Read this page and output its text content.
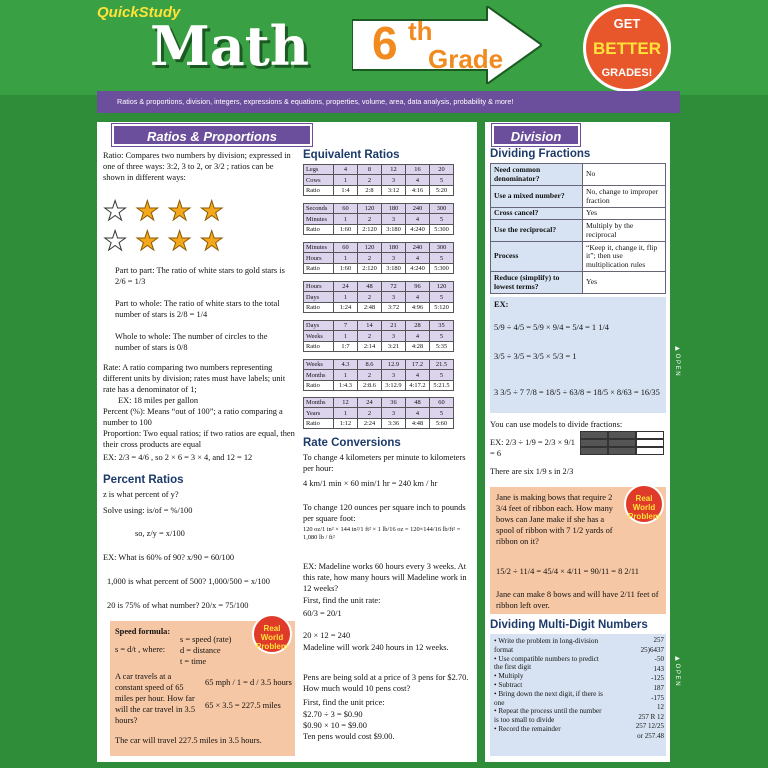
QuickStudy
Math 6 th
Grade
GET
BETTER
GRADES!
Ratios & proportions, division, integers, expressions & equations, properties, volume, area, data analysis, probability & more!
Ratios & Proportions
Ratio: Compares two numbers by division; expressed in one of three ways: 3:2, 3 to 2, or 3/2 ; ratios can be shown in different ways:
★ ★ ★ ★
★ ★ ★ ★
Part to part: The ratio of white stars to gold stars is 2/6 = 1/3
Part to whole: The ratio of white stars to the total number of stars is 2/8 = 1/4
Whole to whole: The number of circles to the number of stars is 0/8
Rate: A ratio comparing two numbers representing different units by division; rates must have labels; unit rate has a denominator of 1;
EX: 18 miles per gallon
Percent (%): Means “out of 100”; a ratio comparing a number to 100
Proportion: Two equal ratios; if two ratios are equal, then their cross products are equal
EX: 2/3 = 4/6 , so 2 × 6 = 3 × 4, and 12 = 12
Percent Ratios
z is what percent of y?
Solve using: is/of = %/100
so, z/y = x/100
EX: What is 60% of 90? x/90 = 60/100
1,000 is what percent of 500? 1,000/500 = x/100
20 is 75% of what number? 20/x = 75/100
Real World Problem
Speed formula:
s = d/t , where:
s = speed (rate)
d = distance
t = time
A car travels at a constant speed of 65 miles per hour. How far will the car travel in 3.5 hours?
65 mph / 1 = d / 3.5 hours
65 × 3.5 = 227.5 miles
The car will travel 227.5 miles in 3.5 hours.
Equivalent Ratios
Legs	4	8	12	16	20
Cows	1	2	3	4	5
Ratio	1:4	2:8	3:12	4:16	5:20
Seconds	60	120	180	240	300
Minutes	1	2	3	4	5
Ratio	1:60	2:120	3:180	4:240	5:300
Minutes	60	120	180	240	300
Hours	1	2	3	4	5
Ratio	1:60	2:120	3:180	4:240	5:300
Hours	24	48	72	96	120
Days	1	2	3	4	5
Ratio	1:24	2:48	3:72	4:96	5:120
Days	7	14	21	28	35
Weeks	1	2	3	4	5
Ratio	1:7	2:14	3:21	4:28	5:35
Weeks	4.3	8.6	12.9	17.2	21.5
Months	1	2	3	4	5
Ratio	1:4.3	2:8.6	3:12.9	4:17.2	5:21.5
Months	12	24	36	48	60
Years	1	2	3	4	5
Ratio	1:12	2:24	3:36	4:48	5:60
Rate Conversions
To change 4 kilometers per minute to kilometers per hour:
4 km/1 min × 60 min/1 hr = 240 km / hr
To change 120 ounces per square inch to pounds per square foot:
120 oz/1 in² × 144 in²/1 ft² × 1 lb/16 oz = 120×144/16 lb/ft² = 1,080 lb / ft²
EX: Madeline works 60 hours every 3 weeks. At this rate, how many hours will Madeline work in 12 weeks?
First, find the unit rate:
60/3 = 20/1
20 × 12 = 240
Madeline will work 240 hours in 12 weeks.
Pens are being sold at a price of 3 pens for $2.70. How much would 10 pens cost?
First, find the unit price:
$2.70 ÷ 3 = $0.90
$0.90 × 10 = $9.00
Ten pens would cost $9.00.
Division
Dividing Fractions
Need common denominator?	No
Use a mixed number?	No, change to improper fraction
Cross cancel?	Yes
Use the reciprocal?	Multiply by the reciprocal
Process	“Keep it, change it, flip it”; then use multiplication rules
Reduce (simplify) to lowest terms?	Yes
EX:
5/9 ÷ 4/5 = 5/9 × 9/4 = 5/4 = 1 1/4
3/5 ÷ 3/5 = 3/5 × 5/3 = 1
3 3/5 ÷ 7 7/8 = 18/5 ÷ 63/8 = 18/5 × 8/63 = 16/35
You can use models to divide fractions:
EX: 2/3 ÷ 1/9 = 2/3 × 9/1 = 6
There are six 1/9 s in 2/3
Real World Problem
Jane is making bows that require 2 3/4 feet of ribbon each. How many bows can Jane make if she has a spool of ribbon with 7 1/2 yards of ribbon on it?
15/2 ÷ 11/4 = 45/4 × 4/11 = 90/11 = 8 2/11
Jane can make 8 bows and will have 2/11 feet of ribbon left over.
Dividing Multi-Digit Numbers
• Write the problem in long-division format
• Use compatible numbers to predict the first digit
• Multiply
• Subtract
• Bring down the next digit, if there is one
• Repeat the process until the number is too small to divide
• Record the remainder
257
25)6437
-50
143
-125
187
-175
12
257 R 12
257 12/25
or 257.48
▶ O P E N
▶ O P E N
